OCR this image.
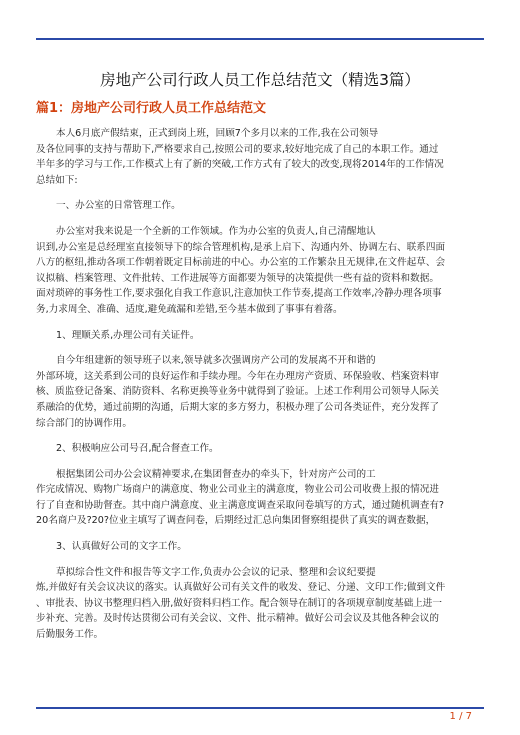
房地产公司行政人员工作总结范文（精选3篇）
篇1：房地产公司行政人员工作总结范文
本人6月底产假结束，正式到岗上班，回顾7个多月以来的工作,我在公司领导
及各位同事的支持与帮助下,严格要求自己,按照公司的要求,较好地完成了自己的本职工作。通过
半年多的学习与工作,工作模式上有了新的突破,工作方式有了较大的改变,现将2014年的工作情况
总结如下:
一、办公室的日常管理工作。
办公室对我来说是一个全新的工作领域。作为办公室的负责人,自己清醒地认
识到,办公室是总经理室直接领导下的综合管理机构,是承上启下、沟通内外、协调左右、联系四面
八方的枢纽,推动各项工作朝着既定目标前进的中心。办公室的工作繁杂且无规律,在文件起草、会
议拟稿、档案管理、文件批转、工作进展等方面都要为领导的决策提供一些有益的资料和数据。
面对琐碎的事务性工作,要求强化自我工作意识,注意加快工作节奏,提高工作效率,冷静办理各项事
务,力求周全、准确、适度,避免疏漏和差错,至今基本做到了事事有着落。
1、理顺关系,办理公司有关证件。
自今年组建新的领导班子以来,领导就多次强调房产公司的发展离不开和谐的
外部环境，这关系到公司的良好运作和手续办理。今年在办理房产资质、环保验收、档案资料审
核、质监登记备案、消防资料、名称更换等业务中就得到了验证。上述工作利用公司领导人际关
系融洽的优势，通过前期的沟通，后期大家的多方努力，积极办理了公司各类证件，充分发挥了
综合部门的协调作用。
2、积极响应公司号召,配合督查工作。
根据集团公司办公会议精神要求,在集团督查办的牵头下，针对房产公司的工
作完成情况、购物广场商户的满意度、物业公司业主的满意度，物业公司公司收费上报的情况进
行了自查和协助督查。其中商户满意度、业主满意度调查采取问卷填写的方式，通过随机调查有?
20名商户及?20?位业主填写了调查问卷，后期经过汇总向集团督察组提供了真实的调查数据，
3、认真做好公司的文字工作。
草拟综合性文件和报告等文字工作,负责办公会议的记录、整理和会议纪要提
炼,并做好有关会议决议的落实。认真做好公司有关文件的收发、登记、分递、文印工作;做到文件
、审批表、协议书整理归档入册,做好资料归档工作。配合领导在制订的各项规章制度基础上进一
步补充、完善。及时传达贯彻公司有关会议、文件、批示精神。做好公司会议及其他各种会议的
后勤服务工作。
1 / 7
